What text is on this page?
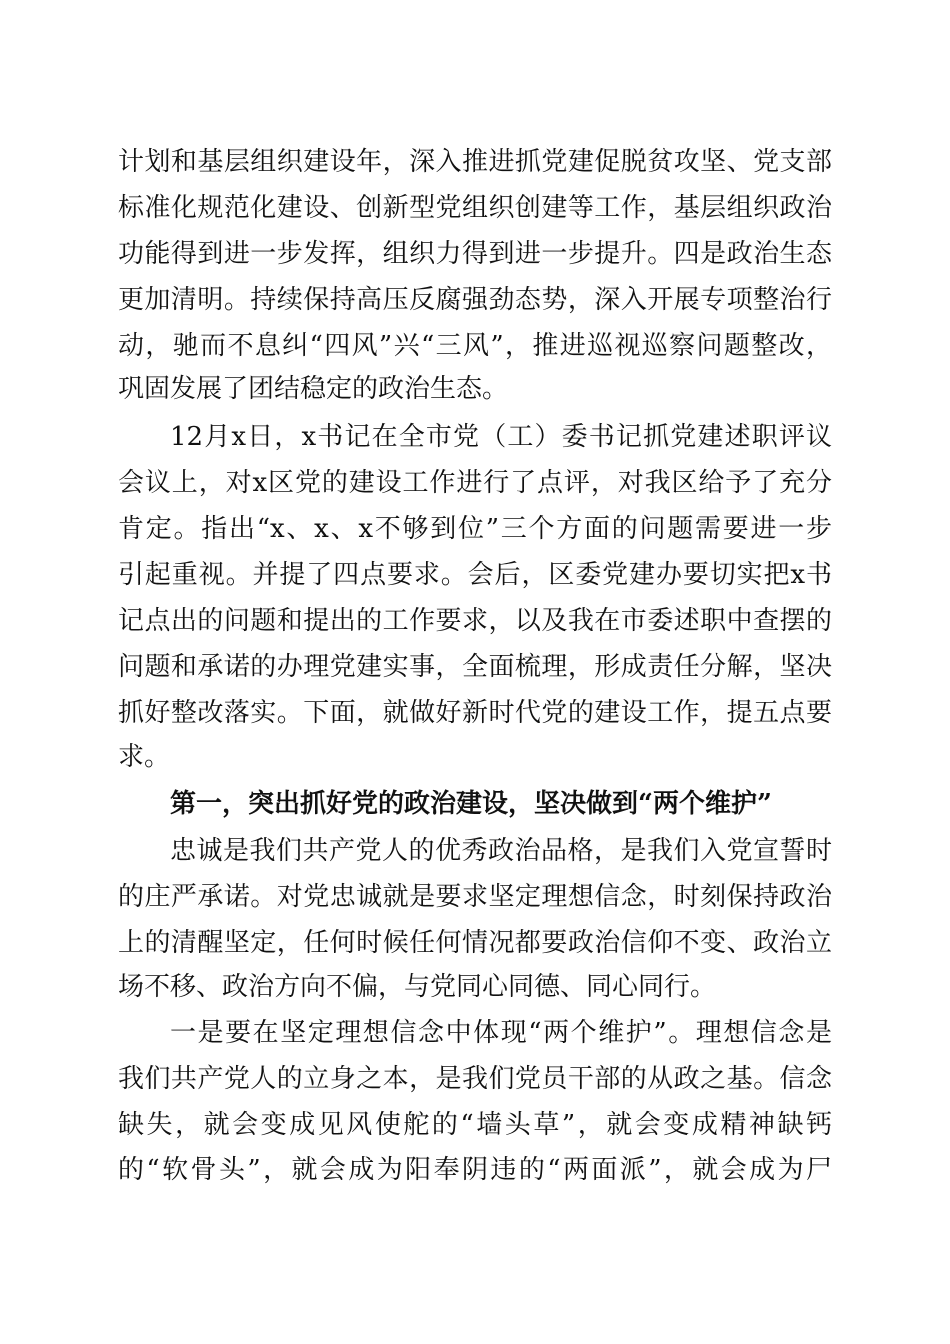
计划和基层组织建设年，深入推进抓党建促脱贫攻坚、党支部
标准化规范化建设、创新型党组织创建等工作，基层组织政治
功能得到进一步发挥，组织力得到进一步提升。四是政治生态
更加清明。持续保持高压反腐强劲态势，深入开展专项整治行
动，驰而不息纠“四风”兴“三风”，推进巡视巡察问题整改，
巩固发展了团结稳定的政治生态。
12月x日，x书记在全市党（工）委书记抓党建述职评议
会议上，对x区党的建设工作进行了点评，对我区给予了充分
肯定。指出“x、x、x不够到位”三个方面的问题需要进一步
引起重视。并提了四点要求。会后，区委党建办要切实把x书
记点出的问题和提出的工作要求，以及我在市委述职中查摆的
问题和承诺的办理党建实事，全面梳理，形成责任分解，坚决
抓好整改落实。下面，就做好新时代党的建设工作，提五点要
求。
第一，突出抓好党的政治建设，坚决做到“两个维护”
忠诚是我们共产党人的优秀政治品格，是我们入党宣誓时
的庄严承诺。对党忠诚就是要求坚定理想信念，时刻保持政治
上的清醒坚定，任何时候任何情况都要政治信仰不变、政治立
场不移、政治方向不偏，与党同心同德、同心同行。
一是要在坚定理想信念中体现“两个维护”。理想信念是
我们共产党人的立身之本，是我们党员干部的从政之基。信念
缺失，就会变成见风使舵的“墙头草”，就会变成精神缺钙
的“软骨头”，就会成为阳奉阴违的“两面派”，就会成为尸
